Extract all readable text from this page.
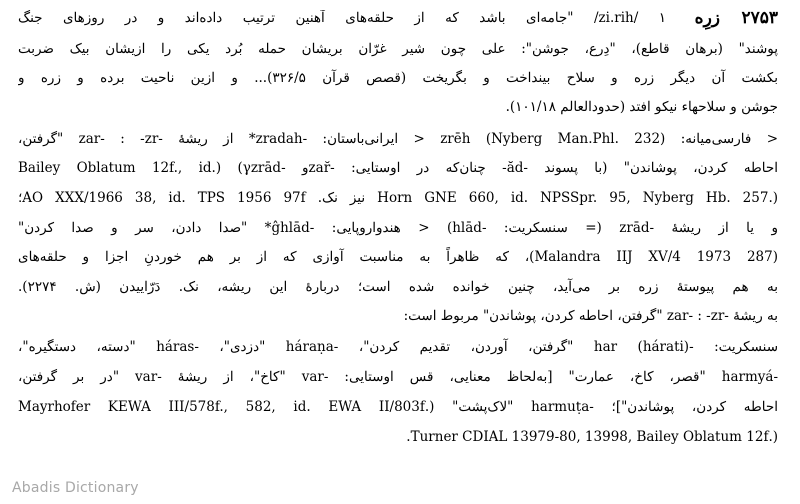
۲۷۵۳
زرِه
١ /zi.rih/ "جامه‌ای باشد که از حلقه‌های آهنین ترتیب داده‌اند و در روزهای جنگ
پوشند" (برهان قاطع)، "دِرع، جوشن": علی چون شیر غرّان بریشان حمله بُرد یکی را ازیشان بیک ضربت
بکشت آن دیگر زره و سلاح بینداخت و بگریخت (قصص قرآن ۳۲۶/۵)... و ازین ناحیت برده و زره و
جوشن و سلاحهاء نیکو افتد (حدودالعالم ۱۰۱/۱۸).
< فارسی‌میانه: zrēh (Nyberg Man.Phl. 232) < ایرانی‌باستان: -zradah* از ریشهٔ -zar- : -zr "گرفتن،
احاطه کردن، پوشاندن" (با پسوند -ăd- چنان‌که در اوستایی: -zar̆و -γzrād) (.Bailey Oblatum 12f., id
(.Horn GNE 660, id. NPSSpr. 95, Nyberg Hb. 257 نیز نک. AO XXX/1966 38, id. TPS 1956 97f؛
و یا از ریشهٔ -zrād (= سنسکریت: -hlād) < هندواروپایی: -ĝhlād* "صدا دادن، سر و صدا کردن"
(Malandra IIJ XV/4 1973 287)، که ظاهراً به مناسبت آوازی که از بر هم خوردنِ اجزا و حلقه‌های
به هم پیوستهٔ زره بر می‌آید، چنین خوانده شده است؛ دربارهٔ این ریشه، نک. دَرّاییدن (ش. ۲۲۷۴).
به ریشهٔ -zar- : -zr "گرفتن، احاطه کردن، پوشاندن" مربوط است:
سنسکریت: -har (hárati) "گرفتن، آوردن، تقدیم کردن"، -háraṇa "دزدی"، -háras "دسته، دستگیره"،
-harmyá "قصر، کاخ، عمارت" [به‌لحاظ معنایی، قس اوستایی: -var "کاخ"، از ریشهٔ -var "در بر گرفتن،
احاطه کردن، پوشاندن"]؛ -harmuṭa "لاک‌پشت" (.Mayrhofer KEWA III/578f., 582, id. EWA II/803f
(.Turner CDIAL 13979-80, 13998, Bailey Oblatum 12f.
Abadis Dictionary
